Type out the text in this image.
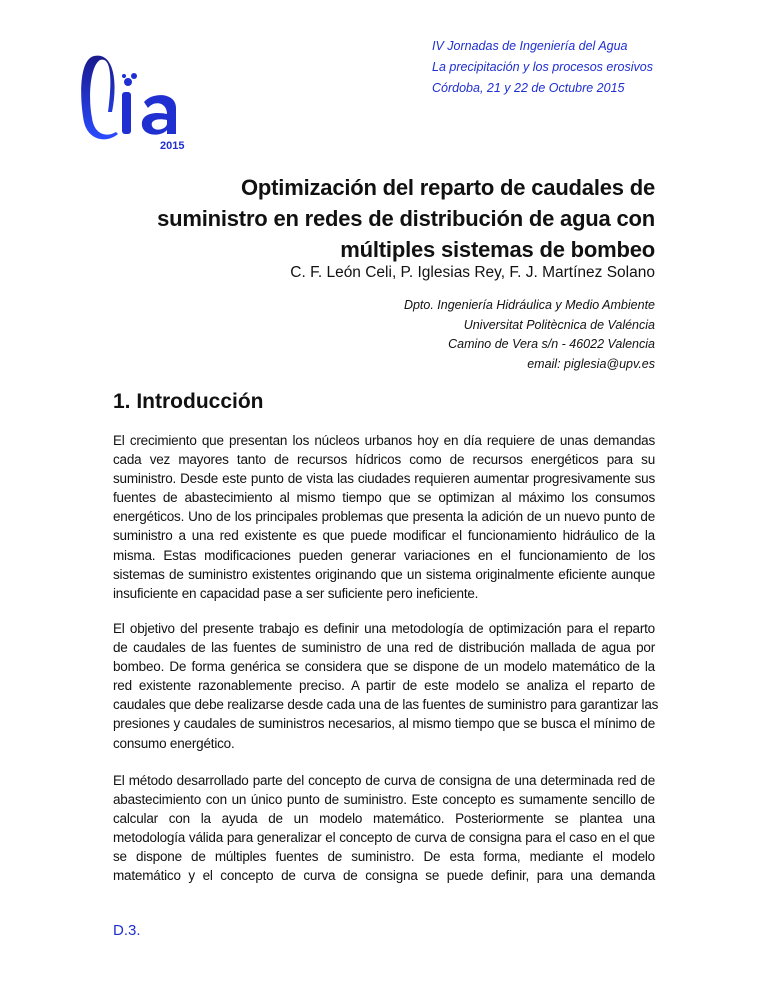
2015
IV Jornadas de Ingeniería del Agua
La precipitación y los procesos erosivos
Córdoba, 21 y 22 de Octubre 2015
Optimización del reparto de caudales de
suministro en redes de distribución de agua con
múltiples sistemas de bombeo
C. F. León Celi, P. Iglesias Rey, F. J. Martínez Solano
Dpto. Ingeniería Hidráulica y Medio Ambiente
Universitat Politècnica de Valéncia
Camino de Vera s/n - 46022 Valencia
email: piglesia@upv.es
1. Introducción
El crecimiento que presentan los núcleos urbanos hoy en día requiere de unas demandas
cada vez mayores tanto de recursos hídricos como de recursos energéticos para su
suministro. Desde este punto de vista las ciudades requieren aumentar progresivamente sus
fuentes de abastecimiento al mismo tiempo que se optimizan al máximo los consumos
energéticos. Uno de los principales problemas que presenta la adición de un nuevo punto de
suministro a una red existente es que puede modificar el funcionamiento hidráulico de la
misma. Estas modificaciones pueden generar variaciones en el funcionamiento de los
sistemas de suministro existentes originando que un sistema originalmente eficiente aunque
insuficiente en capacidad pase a ser suficiente pero ineficiente.
El objetivo del presente trabajo es definir una metodología de optimización para el reparto
de caudales de las fuentes de suministro de una red de distribución mallada de agua por
bombeo. De forma genérica se considera que se dispone de un modelo matemático de la
red existente razonablemente preciso. A partir de este modelo se analiza el reparto de
caudales que debe realizarse desde cada una de las fuentes de suministro para garantizar las
presiones y caudales de suministros necesarios, al mismo tiempo que se busca el mínimo de
consumo energético.
El método desarrollado parte del concepto de curva de consigna de una determinada red de
abastecimiento con un único punto de suministro. Este concepto es sumamente sencillo de
calcular con la ayuda de un modelo matemático. Posteriormente se plantea una
metodología válida para generalizar el concepto de curva de consigna para el caso en el que
se dispone de múltiples fuentes de suministro. De esta forma, mediante el modelo
matemático y el concepto de curva de consigna se puede definir, para una demanda
D.3.
